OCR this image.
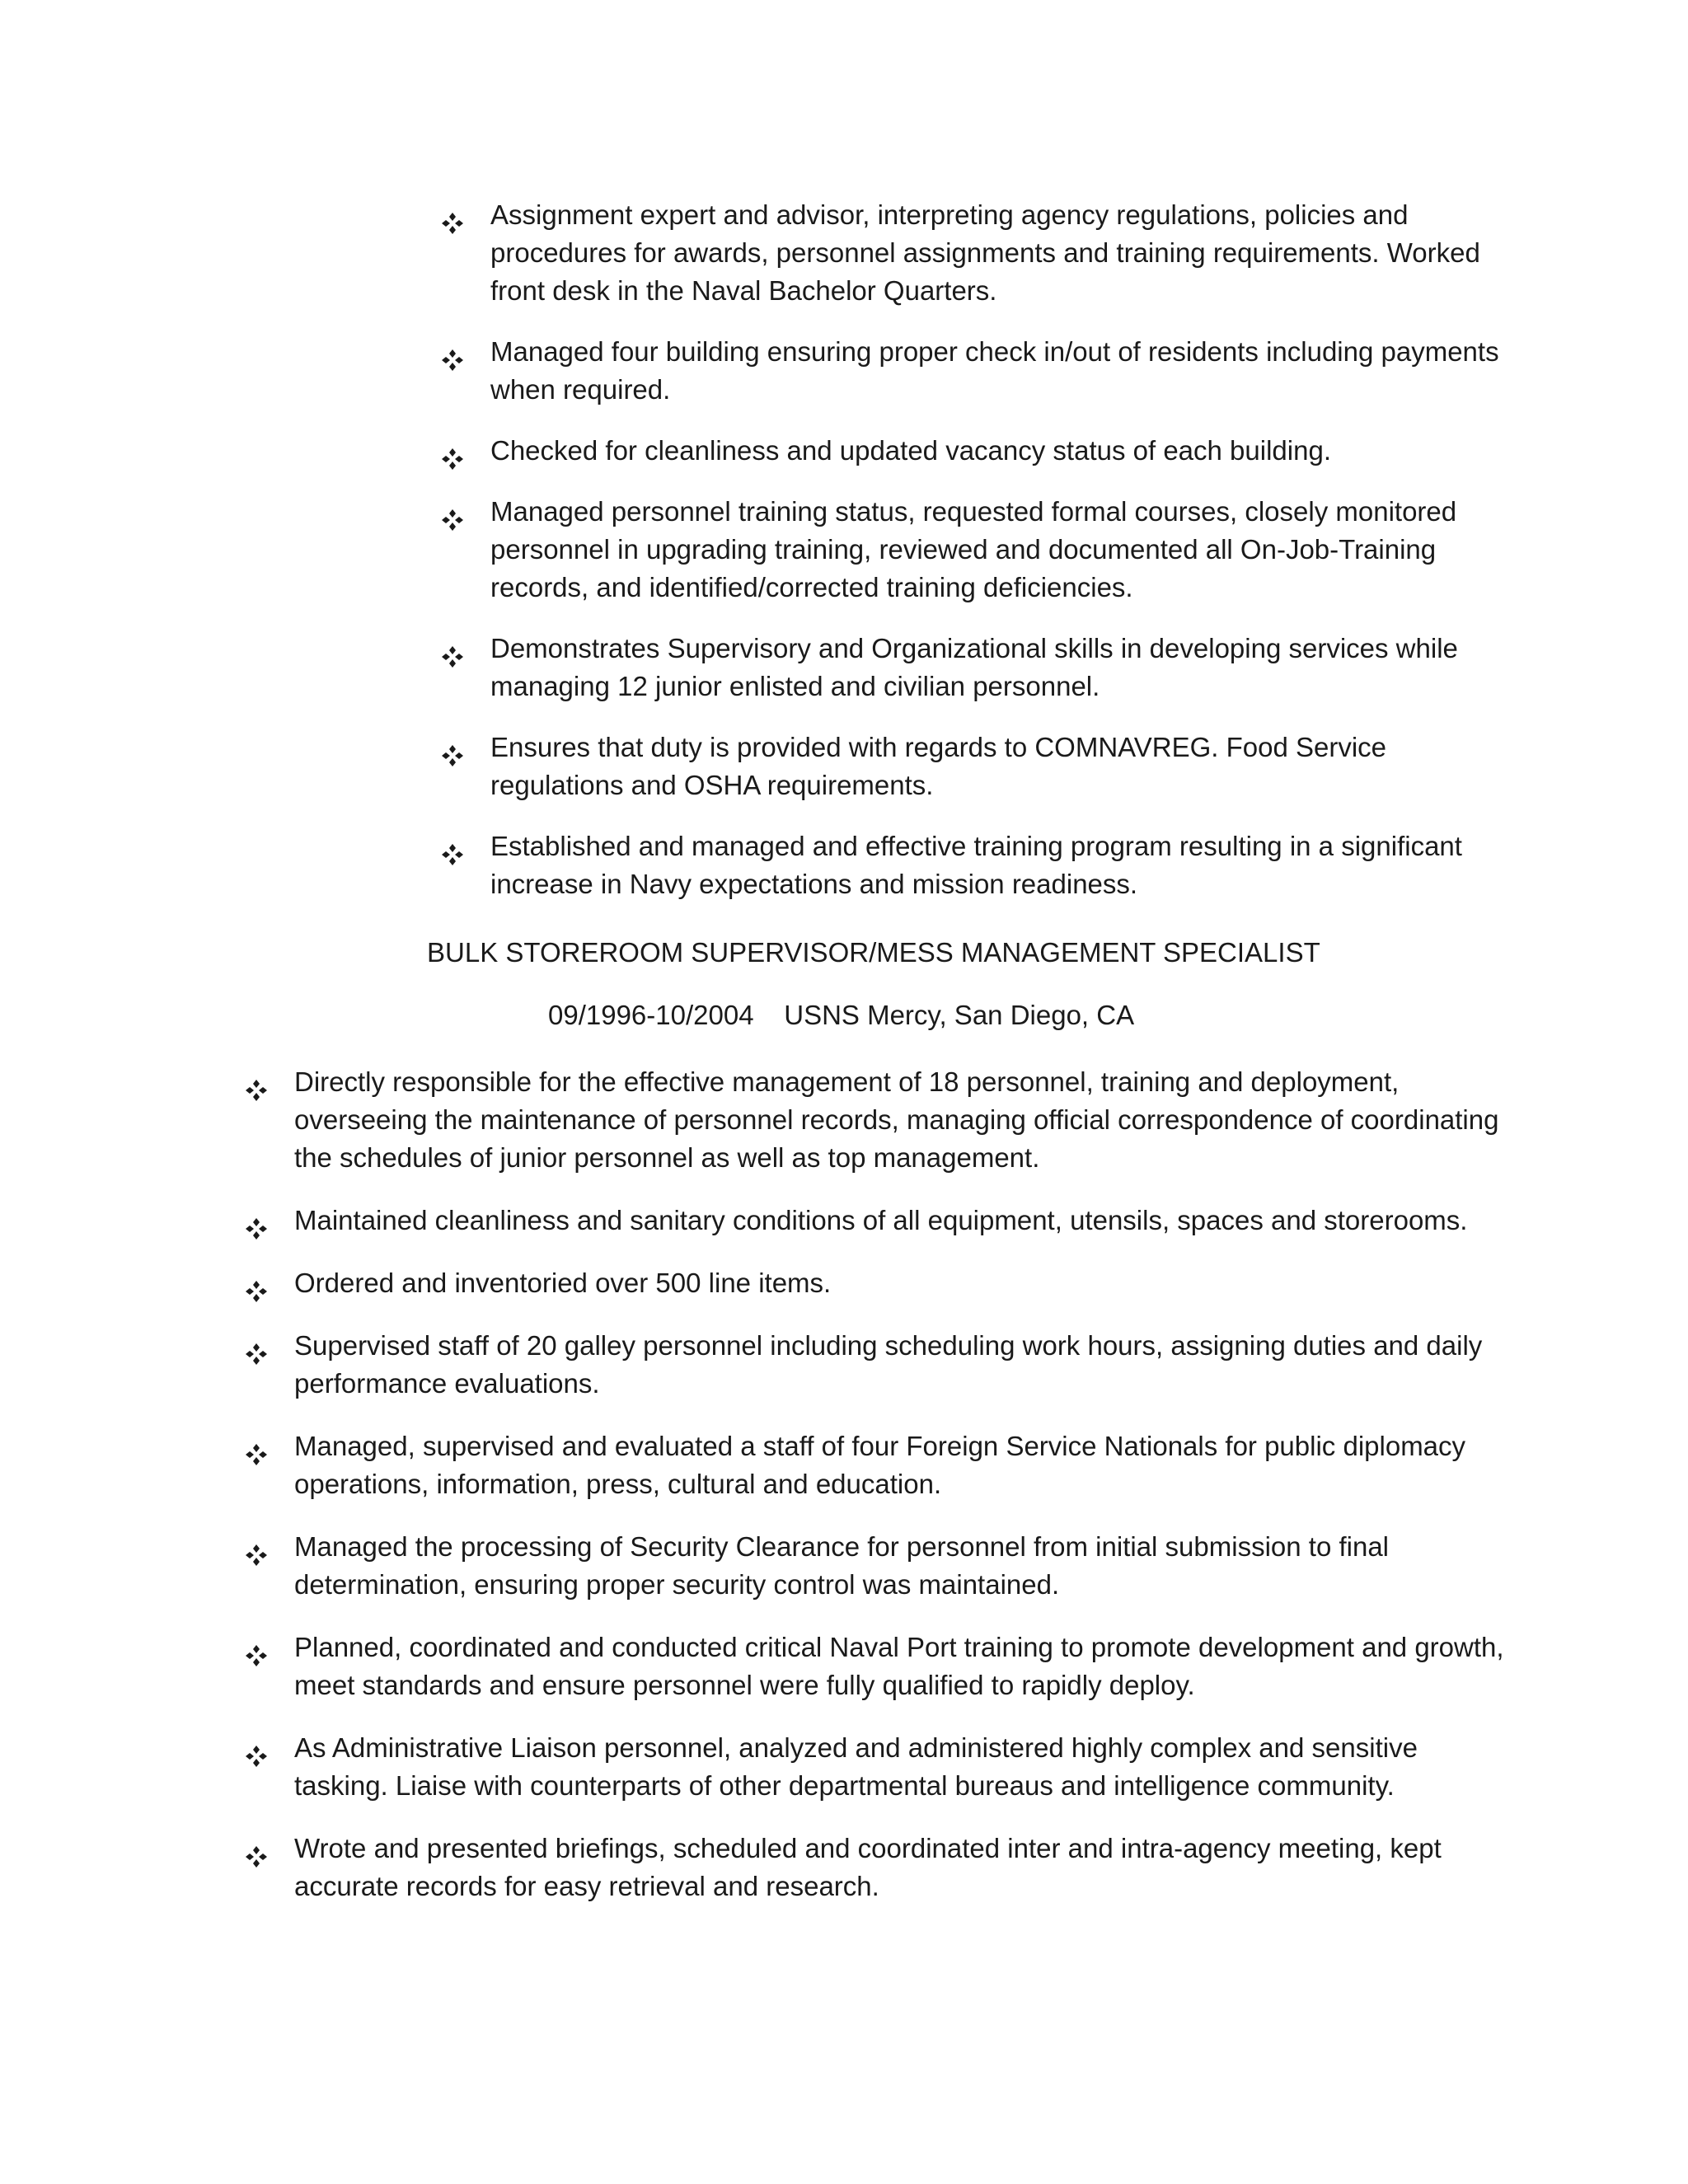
Assignment expert and advisor, interpreting agency regulations, policies and procedures for awards, personnel assignments and training requirements. Worked front desk in the Naval Bachelor Quarters.
Managed four building ensuring proper check in/out of residents including payments when required.
Checked for cleanliness and updated vacancy status of each building.
Managed personnel training status, requested formal courses, closely monitored personnel in upgrading training, reviewed and documented all On-Job-Training records, and identified/corrected training deficiencies.
Demonstrates Supervisory and Organizational skills in developing services while managing 12 junior enlisted and civilian personnel.
Ensures that duty is provided with regards to COMNAVREG. Food Service regulations and OSHA requirements.
Established and managed and effective training program resulting in a significant increase in Navy expectations and mission readiness.
BULK STOREROOM SUPERVISOR/MESS MANAGEMENT SPECIALIST

09/1996-10/2004    USNS Mercy, San Diego, CA

Directly responsible for the effective management of 18 personnel, training and deployment, overseeing the maintenance of personnel records, managing official correspondence of coordinating the schedules of junior personnel as well as top management.
Maintained cleanliness and sanitary conditions of all equipment, utensils, spaces and storerooms.
Ordered and inventoried over 500 line items.
Supervised staff of 20 galley personnel including scheduling work hours, assigning duties and daily performance evaluations.
Managed, supervised and evaluated a staff of four Foreign Service Nationals for public diplomacy operations, information, press, cultural and education.
Managed the processing of Security Clearance for personnel from initial submission to final determination, ensuring proper security control was maintained.
Planned, coordinated and conducted critical Naval Port training to promote development and growth, meet standards and ensure personnel were fully qualified to rapidly deploy.
As Administrative Liaison personnel, analyzed and administered highly complex and sensitive tasking. Liaise with counterparts of other departmental bureaus and intelligence community.
Wrote and presented briefings, scheduled and coordinated inter and intra-agency meeting, kept accurate records for easy retrieval and research.
